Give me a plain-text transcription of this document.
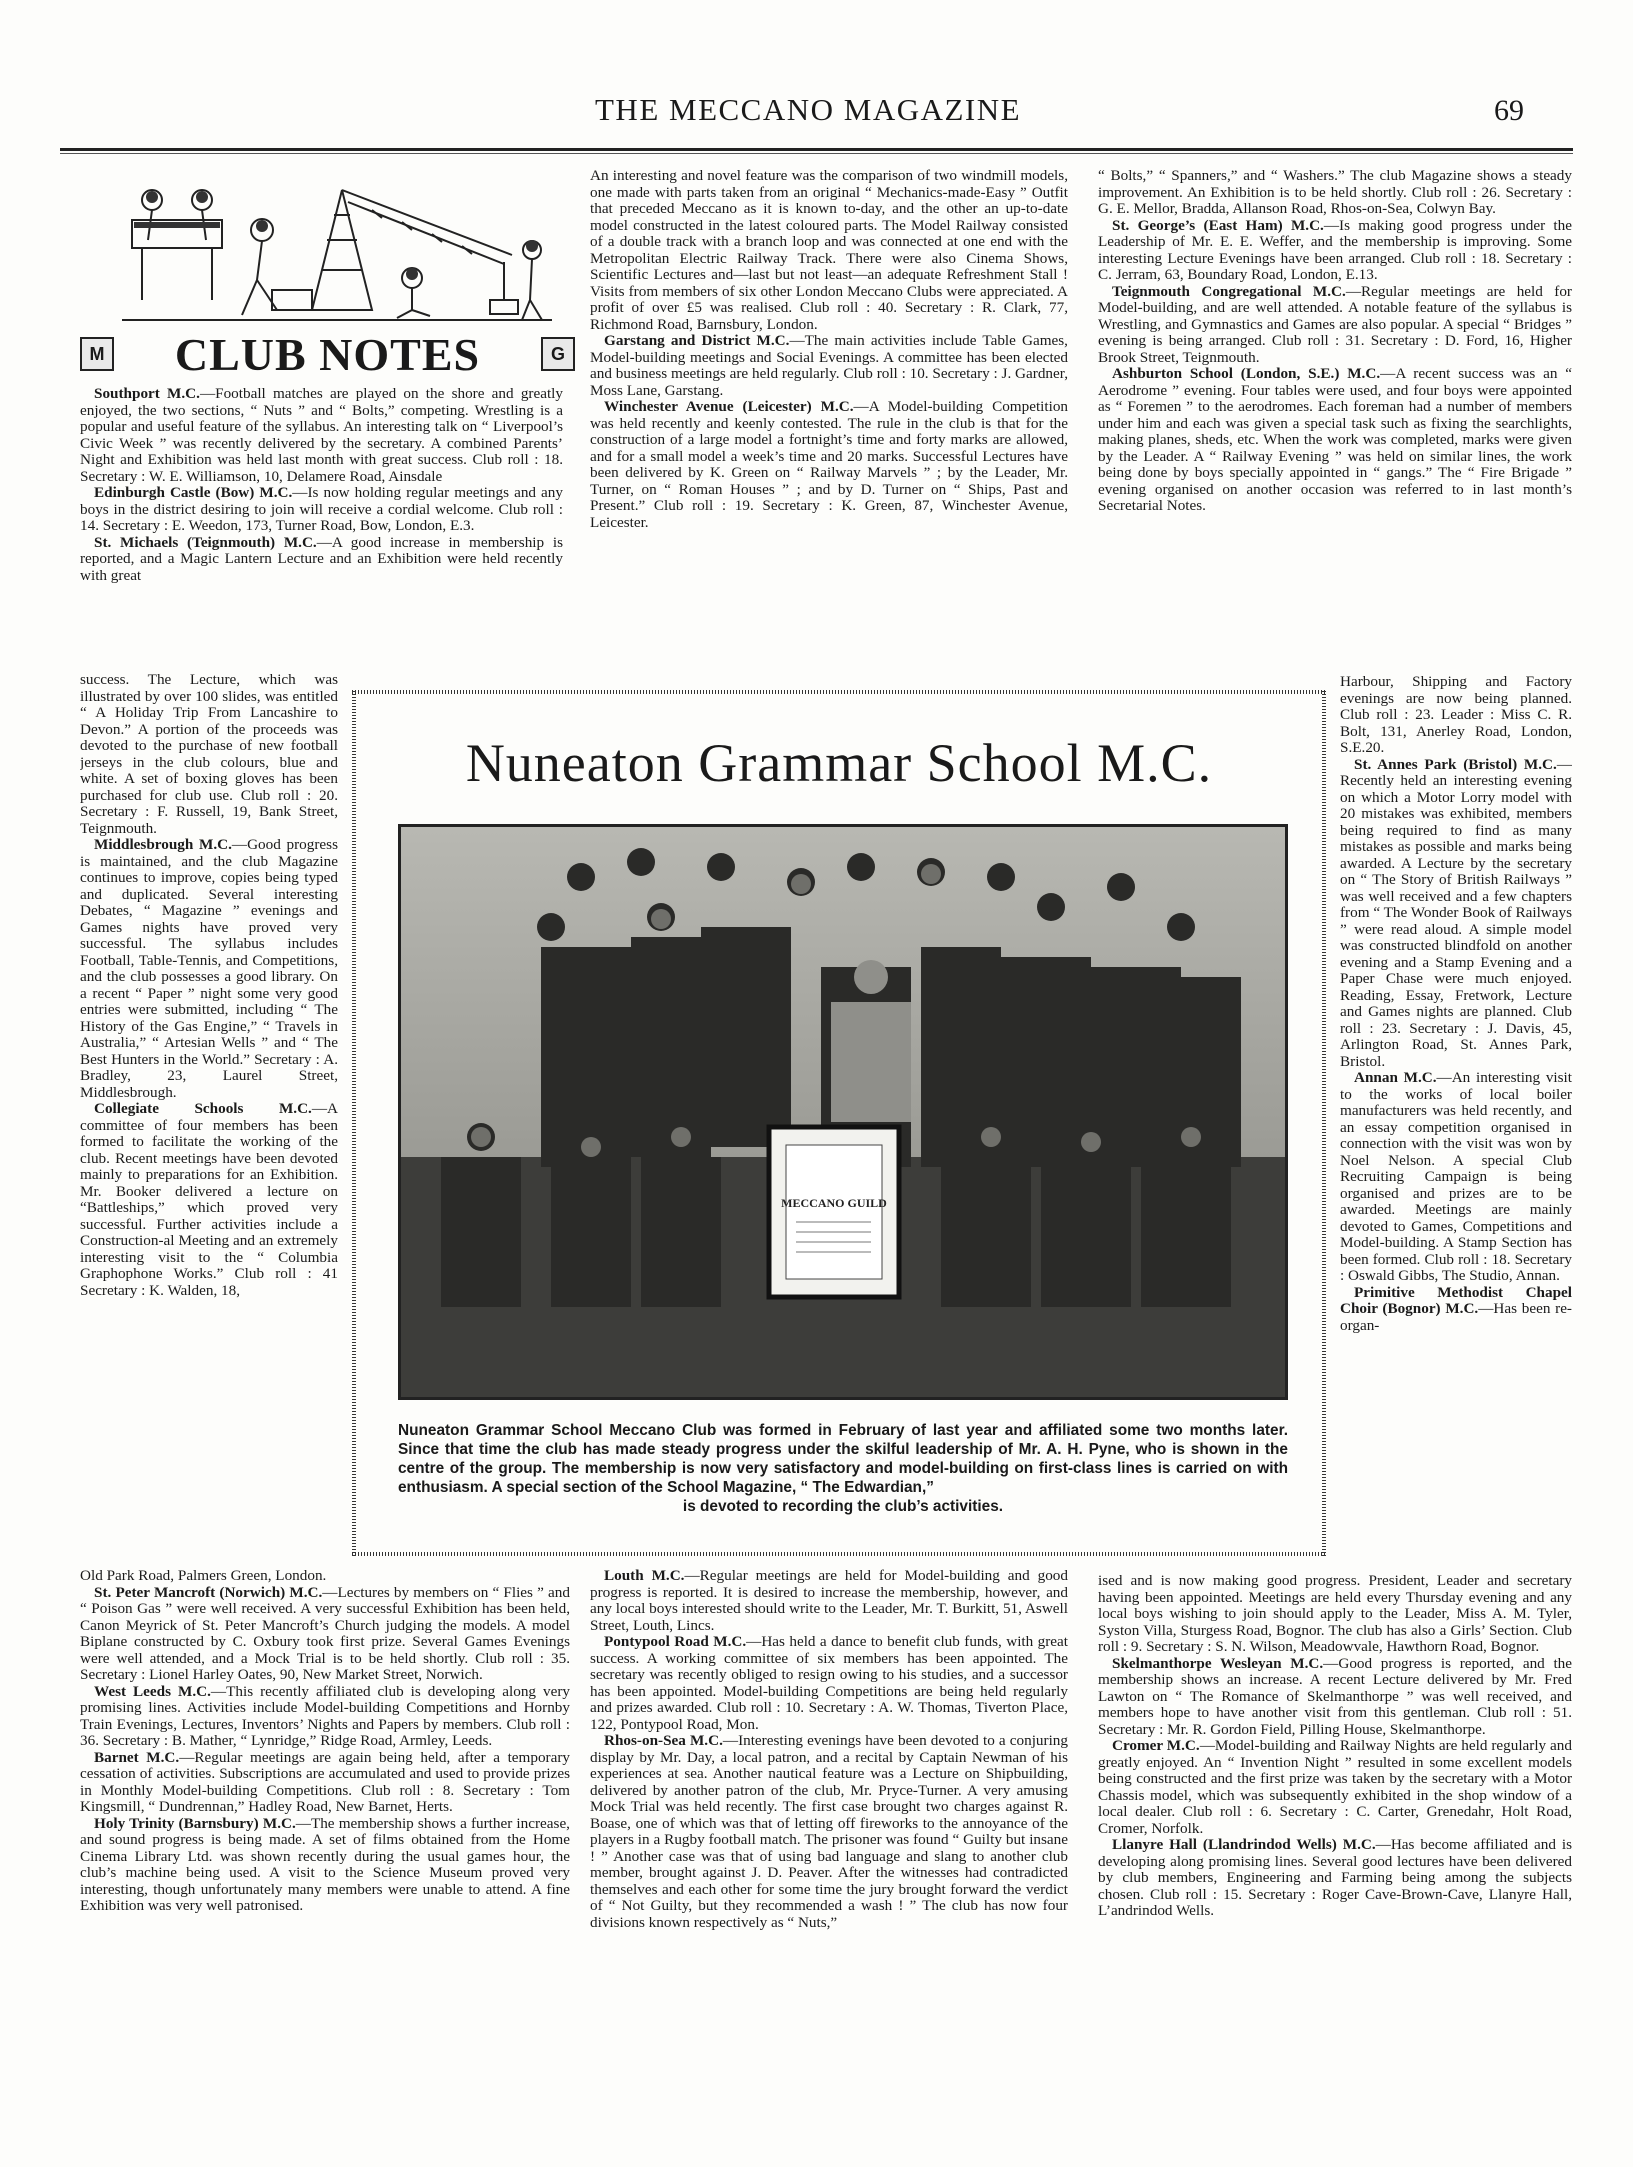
THE MECCANO MAGAZINE	69
M CLUB NOTES	G

Southport M.C.—Football matches are played on the shore and greatly enjoyed, the two sections, “ Nuts ” and “ Bolts,” competing. Wrestling is a popular and useful feature of the syllabus. An interesting talk on “ Liverpool’s Civic Week ” was recently delivered by the secretary. A combined Parents’ Night and Exhibition was held last month with great success. Club roll : 18. Secretary : W. E. Williamson, 10, Delamere Road, Ainsdale

Edinburgh Castle (Bow) M.C.—Is now holding regular meetings and any boys in the district desiring to join will receive a cordial welcome. Club roll : 14. Secretary : E. Weedon, 173, Turner Road, Bow, London, E.3.

St. Michaels (Teignmouth) M.C.—A good increase in membership is reported, and a Magic Lantern Lecture and an Exhibition were held recently with great

success. The Lecture, which was illustrated by over 100 slides, was entitled “ A Holiday Trip From Lancashire to Devon.” A portion of the proceeds was devoted to the purchase of new football jerseys in the club colours, blue and white. A set of boxing gloves has been purchased for club use. Club roll : 20. Secretary : F. Russell, 19, Bank Street, Teignmouth.

Middlesbrough M.C.—Good progress is maintained, and the club Magazine continues to improve, copies being typed and duplicated. Several interesting Debates, “ Magazine ” evenings and Games nights have proved very successful. The syllabus includes Football, Table-Tennis, and Competitions, and the club possesses a good library. On a recent “ Paper ” night some very good entries were submitted, including “ The History of the Gas Engine,” “ Travels in Australia,” “ Artesian Wells ” and “ The Best Hunters in the World.” Secretary : A. Bradley, 23, Laurel Street, Middlesbrough.

Collegiate Schools M.C.—A committee of four members has been formed to facilitate the working of the club. Recent meetings have been devoted mainly to preparations for an Exhibition. Mr. Booker delivered a lecture on “Battleships,” which proved very successful. Further activities include a Construction-al Meeting and an extremely interesting visit to the “ Columbia Graphophone Works.” Club roll : 41 Secretary : K. Walden, 18,

Old Park Road, Palmers Green, London.

St. Peter Mancroft (Norwich) M.C.—Lectures by members on “ Flies ” and “ Poison Gas ” were well received. A very successful Exhibition has been held, Canon Meyrick of St. Peter Mancroft’s Church judging the models. A model Biplane constructed by C. Oxbury took first prize. Several Games Evenings were well attended, and a Mock Trial is to be held shortly. Club roll : 35. Secretary : Lionel Harley Oates, 90, New Market Street, Norwich.

West Leeds M.C.—This recently affiliated club is developing along very promising lines. Activities include Model-building Competitions and Hornby Train Evenings, Lectures, Inventors’ Nights and Papers by members. Club roll : 36. Secretary : B. Mather, “ Lynridge,” Ridge Road, Armley, Leeds.

Barnet M.C.—Regular meetings are again being held, after a temporary cessation of activities. Subscriptions are accumulated and used to provide prizes in Monthly Model-building Competitions. Club roll : 8. Secretary : Tom Kingsmill, “ Dundrennan,” Hadley Road, New Barnet, Herts.

Holy Trinity (Barnsbury) M.C.—The membership shows a further increase, and sound progress is being made. A set of films obtained from the Home Cinema Library Ltd. was shown recently during the usual games hour, the club’s machine being used. A visit to the Science Museum proved very interesting, though unfortunately many members were unable to attend. A fine Exhibition was very well patronised.

An interesting and novel feature was the comparison of two windmill models, one made with parts taken from an original “ Mechanics-made-Easy ” Outfit that preceded Meccano as it is known to-day, and the other an up-to-date model constructed in the latest coloured parts. The Model Railway consisted of a double track with a branch loop and was connected at one end with the Metropolitan Electric Railway Track. There were also Cinema Shows, Scientific Lectures and—last but not least—an adequate Refreshment Stall ! Visits from members of six other London Meccano Clubs were appreciated. A profit of over £5 was realised. Club roll : 40. Secretary : R. Clark, 77, Richmond Road, Barnsbury, London.

Garstang and District M.C.—The main activities include Table Games, Model-building meetings and Social Evenings. A committee has been elected and business meetings are held regularly. Club roll : 10. Secretary : J. Gardner, Moss Lane, Garstang.

Winchester Avenue (Leicester) M.C.—A Model-building Competition was held recently and keenly contested. The rule in the club is that for the construction of a large model a fortnight’s time and forty marks are allowed, and for a small model a week’s time and 20 marks. Successful Lectures have been delivered by K. Green on “ Railway Marvels ” ; by the Leader, Mr. Turner, on “ Roman Houses ” ; and by D. Turner on “ Ships, Past and Present.” Club roll : 19. Secretary : K. Green, 87, Winchester Avenue, Leicester.

Louth M.C.—Regular meetings are held for Model-building and good progress is reported. It is desired to increase the membership, however, and any local boys interested should write to the Leader, Mr. T. Burkitt, 51, Aswell Street, Louth, Lincs.

Pontypool Road M.C.—Has held a dance to benefit club funds, with great success. A working committee of six members has been appointed. The secretary was recently obliged to resign owing to his studies, and a successor has been appointed. Model-building Competitions are being held regularly and prizes awarded. Club roll : 10. Secretary : A. W. Thomas, Tiverton Place, 122, Pontypool Road, Mon.

Rhos-on-Sea M.C.—Interesting evenings have been devoted to a conjuring display by Mr. Day, a local patron, and a recital by Captain Newman of his experiences at sea. Another nautical feature was a Lecture on Shipbuilding, delivered by another patron of the club, Mr. Pryce-Turner. A very amusing Mock Trial was held recently. The first case brought two charges against R. Boase, one of which was that of letting off fireworks to the annoyance of the players in a Rugby football match. The prisoner was found “ Guilty but insane ! ” Another case was that of using bad language and slang to another club member, brought against J. D. Peaver. After the witnesses had contradicted themselves and each other for some time the jury brought forward the verdict of “ Not Guilty, but they recommended a wash ! ” The club has now four divisions known respectively as “ Nuts,”

“ Bolts,” “ Spanners,” and “ Washers.” The club Magazine shows a steady improvement. An Exhibition is to be held shortly. Club roll : 26. Secretary : G. E. Mellor, Bradda, Allanson Road, Rhos-on-Sea, Colwyn Bay.

St. George’s (East Ham) M.C.—Is making good progress under the Leadership of Mr. E. E. Weffer, and the membership is improving. Some interesting Lecture Evenings have been arranged. Club roll : 18. Secretary : C. Jerram, 63, Boundary Road, London, E.13.

Teignmouth Congregational M.C.—Regular meetings are held for Model-building, and are well attended. A notable feature of the syllabus is Wrestling, and Gymnastics and Games are also popular. A special “ Bridges ” evening is being arranged. Club roll : 31. Secretary : D. Ford, 16, Higher Brook Street, Teignmouth.

Ashburton School (London, S.E.) M.C.—A recent success was an “ Aerodrome ” evening. Four tables were used, and four boys were appointed as “ Foremen ” to the aerodromes. Each foreman had a number of members under him and each was given a special task such as fixing the searchlights, making planes, sheds, etc. When the work was completed, marks were given by the Leader. A “ Railway Evening ” was held on similar lines, the work being done by boys specially appointed in “ gangs.” The “ Fire Brigade ” evening organised on another occasion was referred to in last month’s Secretarial Notes.

Harbour, Shipping and Factory evenings are now being planned. Club roll : 23. Leader : Miss C. R. Bolt, 131, Anerley Road, London, S.E.20.

St. Annes Park (Bristol) M.C.—Recently held an interesting evening on which a Motor Lorry model with 20 mistakes was exhibited, members being required to find as many mistakes as possible and marks being awarded. A Lecture by the secretary on “ The Story of British Railways ” was well received and a few chapters from “ The Wonder Book of Railways ” were read aloud. A simple model was constructed blindfold on another evening and a Stamp Evening and a Paper Chase were much enjoyed. Reading, Essay, Fretwork, Lecture and Games nights are planned. Club roll : 23. Secretary : J. Davis, 45, Arlington Road, St. Annes Park, Bristol.

Annan M.C.—An interesting visit to the works of local boiler manufacturers was held recently, and an essay competition organised in connection with the visit was won by Noel Nelson. A special Club Recruiting Campaign is being organised and prizes are to be awarded. Meetings are mainly devoted to Games, Competitions and Model-building. A Stamp Section has been formed. Club roll : 18. Secretary : Oswald Gibbs, The Studio, Annan.

Primitive Methodist Chapel Choir (Bognor) M.C.—Has been re-organ-

ised and is now making good progress. President, Leader and secretary having been appointed. Meetings are held every Thursday evening and any local boys wishing to join should apply to the Leader, Miss A. M. Tyler, Syston Villa, Sturgess Road, Bognor. The club has also a Girls’ Section. Club roll : 9. Secretary : S. N. Wilson, Meadowvale, Hawthorn Road, Bognor.

Skelmanthorpe Wesleyan M.C.—Good progress is reported, and the membership shows an increase. A recent Lecture delivered by Mr. Fred Lawton on “ The Romance of Skelmanthorpe ” was well received, and members hope to have another visit from this gentleman. Club roll : 51. Secretary : Mr. R. Gordon Field, Pilling House, Skelmanthorpe.

Cromer M.C.—Model-building and Railway Nights are held regularly and greatly enjoyed. An “ Invention Night ” resulted in some excellent models being constructed and the first prize was taken by the secretary with a Motor Chassis model, which was subsequently exhibited in the shop window of a local dealer. Club roll : 6. Secretary : C. Carter, Grenedahr, Holt Road, Cromer, Norfolk.

Llanyre Hall (Llandrindod Wells) M.C.—Has become affiliated and is developing along promising lines. Several good lectures have been delivered by club members, Engineering and Farming being among the subjects chosen. Club roll : 15. Secretary : Roger Cave-Brown-Cave, Llanyre Hall, L’andrindod Wells.

Nuneaton Grammar School M.C.
MECCANO GUILD
Nuneaton Grammar School Meccano Club was formed in February of last year and affiliated some two months later. Since that time the club has made steady progress under the skilful leadership of Mr. A. H. Pyne, who is shown in the centre of the group. The membership is now very satisfactory and model-building on first-class lines is carried on with enthusiasm. A special section of the School Magazine, “ The Edwardian,”
is devoted to recording the club’s activities.
